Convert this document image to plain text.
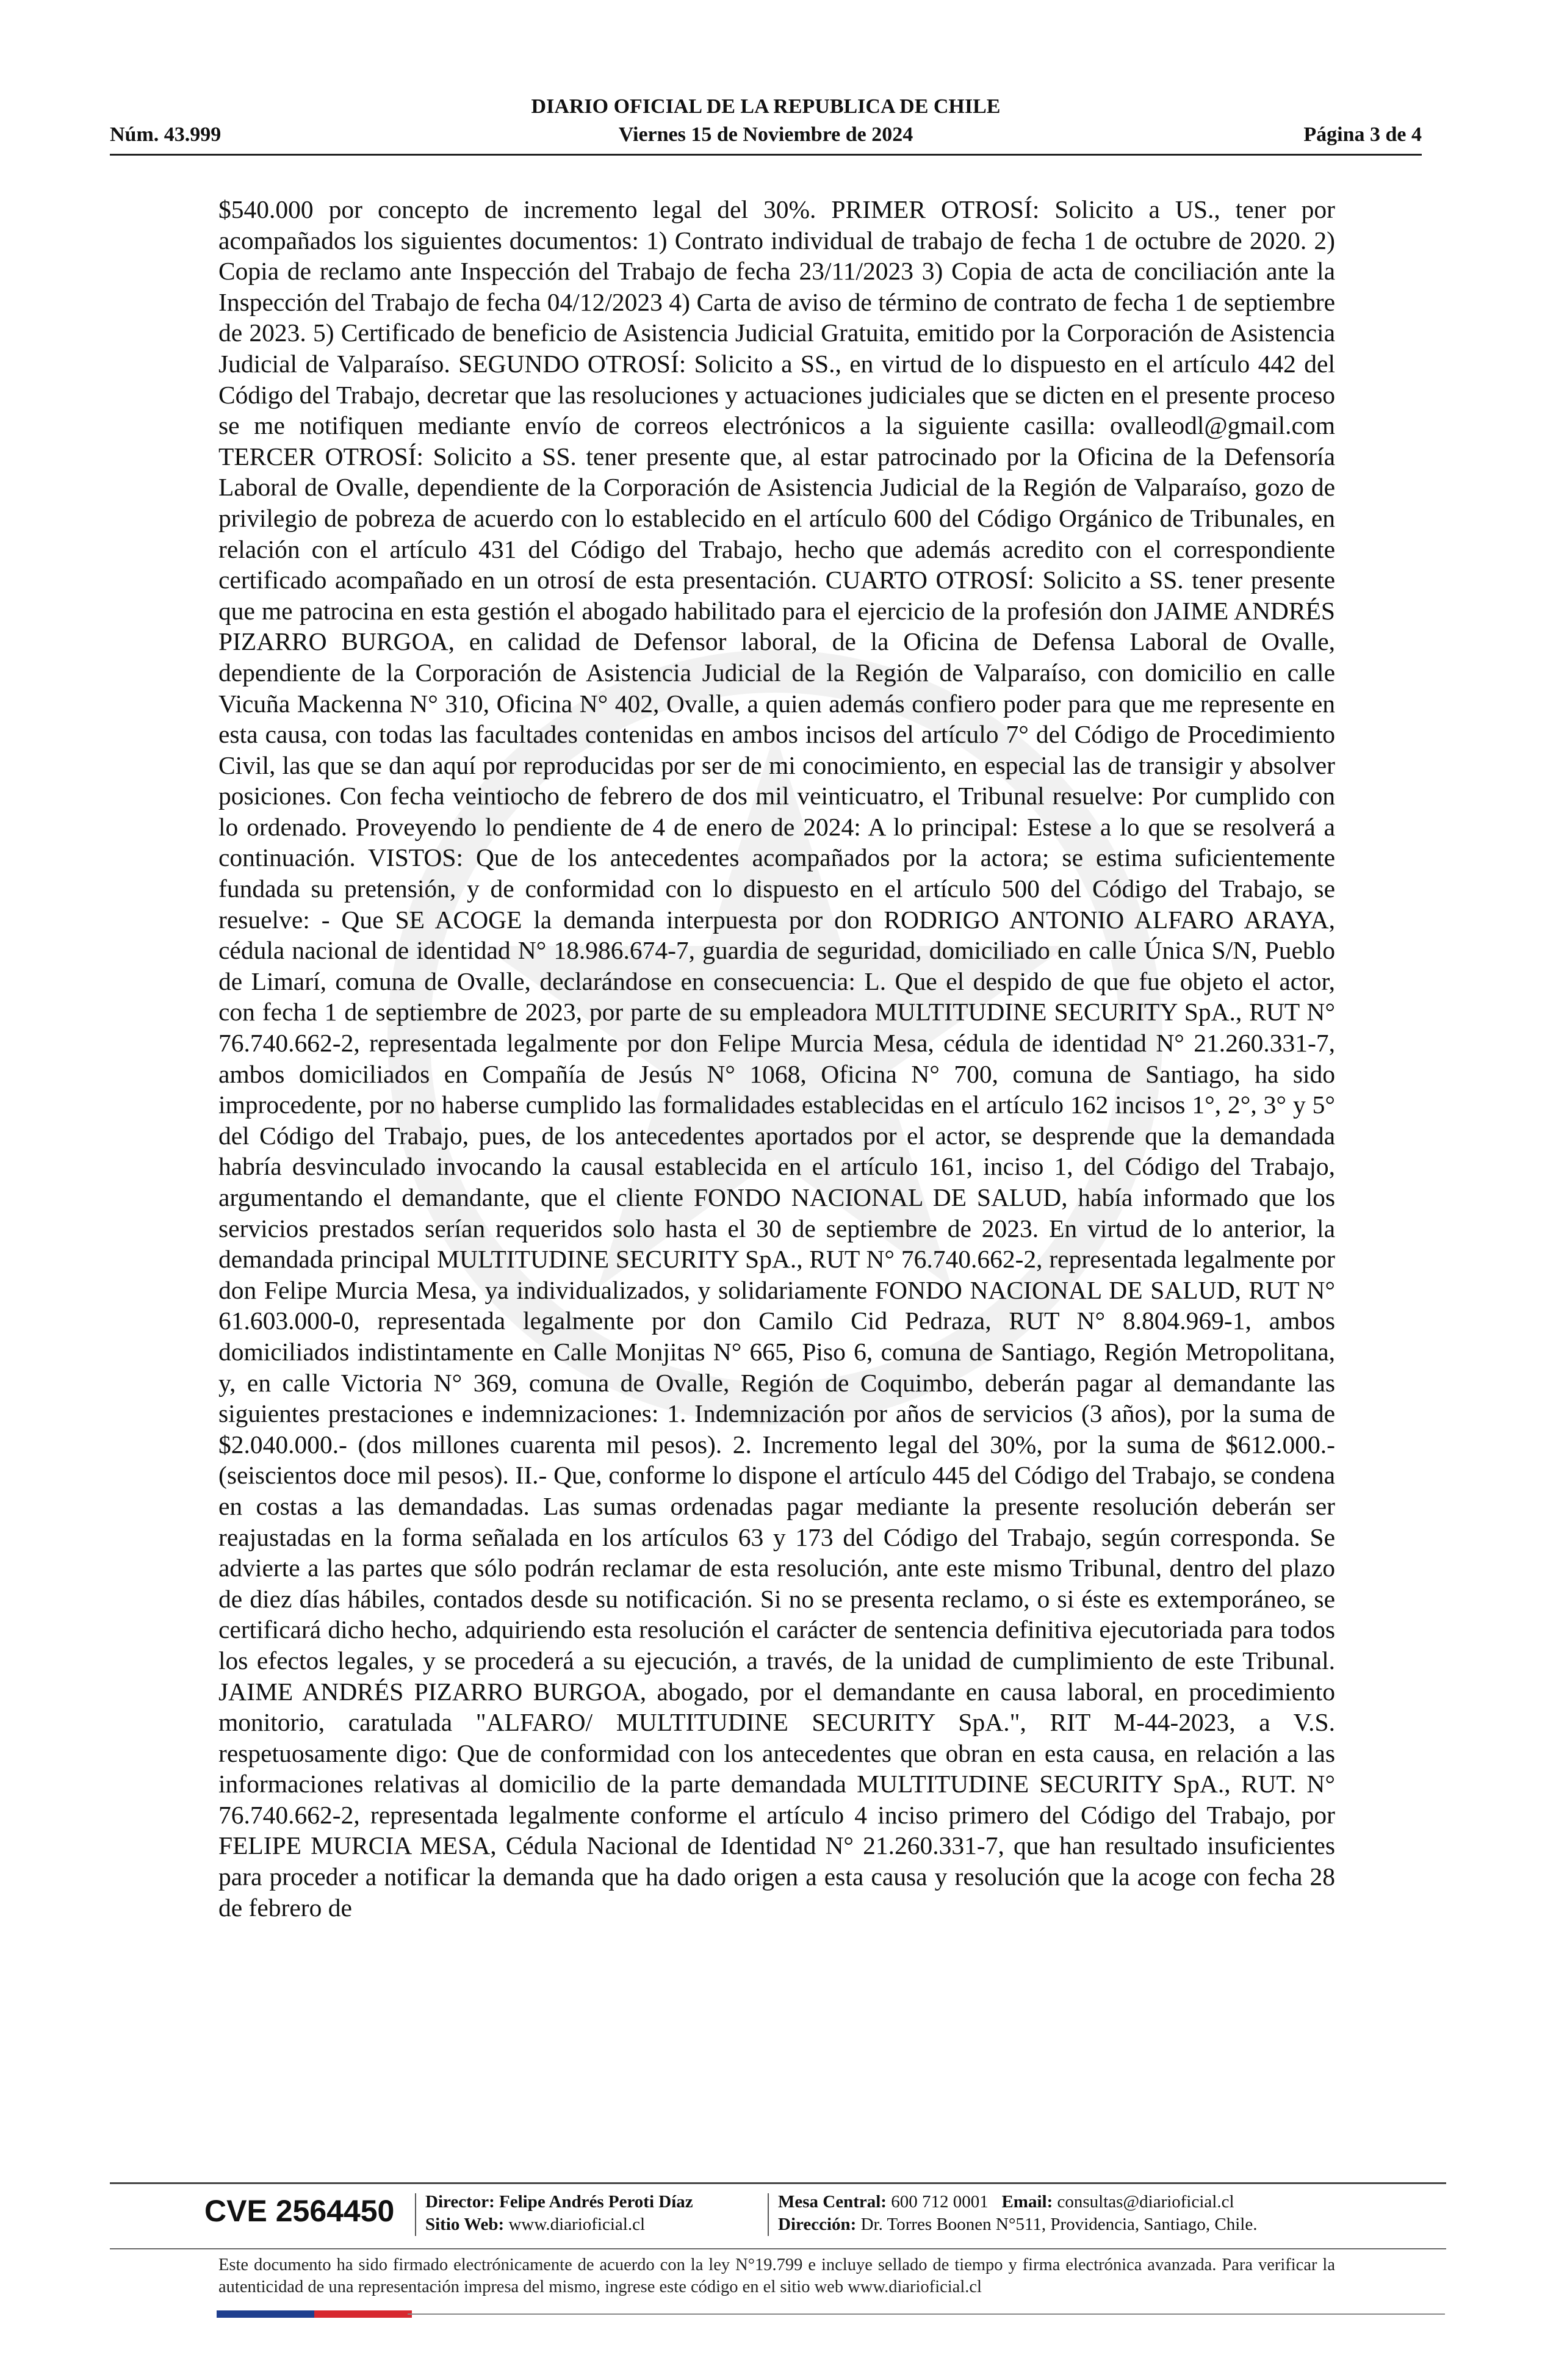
DIARIO OFICIAL DE LA REPUBLICA DE CHILE
Núm. 43.999	Viernes 15 de Noviembre de 2024	Página 3 de 4

$540.000 por concepto de incremento legal del 30%. PRIMER OTROSÍ: Solicito a US., tener por acompañados los siguientes documentos: 1) Contrato individual de trabajo de fecha 1 de octubre de 2020. 2) Copia de reclamo ante Inspección del Trabajo de fecha 23/11/2023 3) Copia de acta de conciliación ante la Inspección del Trabajo de fecha 04/12/2023 4) Carta de aviso de término de contrato de fecha 1 de septiembre de 2023. 5) Certificado de beneficio de Asistencia Judicial Gratuita, emitido por la Corporación de Asistencia Judicial de Valparaíso. SEGUNDO OTROSÍ: Solicito a SS., en virtud de lo dispuesto en el artículo 442 del Código del Trabajo, decretar que las resoluciones y actuaciones judiciales que se dicten en el presente proceso se me notifiquen mediante envío de correos electrónicos a la siguiente casilla: ovalleodl@gmail.com TERCER OTROSÍ: Solicito a SS. tener presente que, al estar patrocinado por la Oficina de la Defensoría Laboral de Ovalle, dependiente de la Corporación de Asistencia Judicial de la Región de Valparaíso, gozo de privilegio de pobreza de acuerdo con lo establecido en el artículo 600 del Código Orgánico de Tribunales, en relación con el artículo 431 del Código del Trabajo, hecho que además acredito con el correspondiente certificado acompañado en un otrosí de esta presentación. CUARTO OTROSÍ: Solicito a SS. tener presente que me patrocina en esta gestión el abogado habilitado para el ejercicio de la profesión don JAIME ANDRÉS PIZARRO BURGOA, en calidad de Defensor laboral, de la Oficina de Defensa Laboral de Ovalle, dependiente de la Corporación de Asistencia Judicial de la Región de Valparaíso, con domicilio en calle Vicuña Mackenna N° 310, Oficina N° 402, Ovalle, a quien además confiero poder para que me represente en esta causa, con todas las facultades contenidas en ambos incisos del artículo 7° del Código de Procedimiento Civil, las que se dan aquí por reproducidas por ser de mi conocimiento, en especial las de transigir y absolver posiciones. Con fecha veintiocho de febrero de dos mil veinticuatro, el Tribunal resuelve: Por cumplido con lo ordenado. Proveyendo lo pendiente de 4 de enero de 2024: A lo principal: Estese a lo que se resolverá a continuación. VISTOS: Que de los antecedentes acompañados por la actora; se estima suficientemente fundada su pretensión, y de conformidad con lo dispuesto en el artículo 500 del Código del Trabajo, se resuelve: - Que SE ACOGE la demanda interpuesta por don RODRIGO ANTONIO ALFARO ARAYA, cédula nacional de identidad N° 18.986.674-7, guardia de seguridad, domiciliado en calle Única S/N, Pueblo de Limarí, comuna de Ovalle, declarándose en consecuencia: L. Que el despido de que fue objeto el actor, con fecha 1 de septiembre de 2023, por parte de su empleadora MULTITUDINE SECURITY SpA., RUT N° 76.740.662-2, representada legalmente por don Felipe Murcia Mesa, cédula de identidad N° 21.260.331-7, ambos domiciliados en Compañía de Jesús N° 1068, Oficina N° 700, comuna de Santiago, ha sido improcedente, por no haberse cumplido las formalidades establecidas en el artículo 162 incisos 1°, 2°, 3° y 5° del Código del Trabajo, pues, de los antecedentes aportados por el actor, se desprende que la demandada habría desvinculado invocando la causal establecida en el artículo 161, inciso 1, del Código del Trabajo, argumentando el demandante, que el cliente FONDO NACIONAL DE SALUD, había informado que los servicios prestados serían requeridos solo hasta el 30 de septiembre de 2023. En virtud de lo anterior, la demandada principal MULTITUDINE SECURITY SpA., RUT N° 76.740.662-2, representada legalmente por don Felipe Murcia Mesa, ya individualizados, y solidariamente FONDO NACIONAL DE SALUD, RUT N° 61.603.000-0, representada legalmente por don Camilo Cid Pedraza, RUT N° 8.804.969-1, ambos domiciliados indistintamente en Calle Monjitas N° 665, Piso 6, comuna de Santiago, Región Metropolitana, y, en calle Victoria N° 369, comuna de Ovalle, Región de Coquimbo, deberán pagar al demandante las siguientes prestaciones e indemnizaciones: 1. Indemnización por años de servicios (3 años), por la suma de $2.040.000.- (dos millones cuarenta mil pesos). 2. Incremento legal del 30%, por la suma de $612.000.- (seiscientos doce mil pesos). II.- Que, conforme lo dispone el artículo 445 del Código del Trabajo, se condena en costas a las demandadas. Las sumas ordenadas pagar mediante la presente resolución deberán ser reajustadas en la forma señalada en los artículos 63 y 173 del Código del Trabajo, según corresponda. Se advierte a las partes que sólo podrán reclamar de esta resolución, ante este mismo Tribunal, dentro del plazo de diez días hábiles, contados desde su notificación. Si no se presenta reclamo, o si éste es extemporáneo, se certificará dicho hecho, adquiriendo esta resolución el carácter de sentencia definitiva ejecutoriada para todos los efectos legales, y se procederá a su ejecución, a través, de la unidad de cumplimiento de este Tribunal. JAIME ANDRÉS PIZARRO BURGOA, abogado, por el demandante en causa laboral, en procedimiento monitorio, caratulada "ALFARO/ MULTITUDINE SECURITY SpA.", RIT M-44-2023, a V.S. respetuosamente digo: Que de conformidad con los antecedentes que obran en esta causa, en relación a las informaciones relativas al domicilio de la parte demandada MULTITUDINE SECURITY SpA., RUT. N° 76.740.662-2, representada legalmente conforme el artículo 4 inciso primero del Código del Trabajo, por FELIPE MURCIA MESA, Cédula Nacional de Identidad N° 21.260.331-7, que han resultado insuficientes para proceder a notificar la demanda que ha dado origen a esta causa y resolución que la acoge con fecha 28 de febrero de

CVE 2564450 Director: Felipe Andrés Peroti Díaz
Sitio Web: www.diarioficial.cl
Mesa Central: 600 712 0001 Email: consultas@diarioficial.cl
Dirección: Dr. Torres Boonen N°511, Providencia, Santiago, Chile.

Este documento ha sido firmado electrónicamente de acuerdo con la ley N°19.799 e incluye sellado de tiempo y firma electrónica avanzada. Para verificar la autenticidad de una representación impresa del mismo, ingrese este código en el sitio web www.diarioficial.cl
